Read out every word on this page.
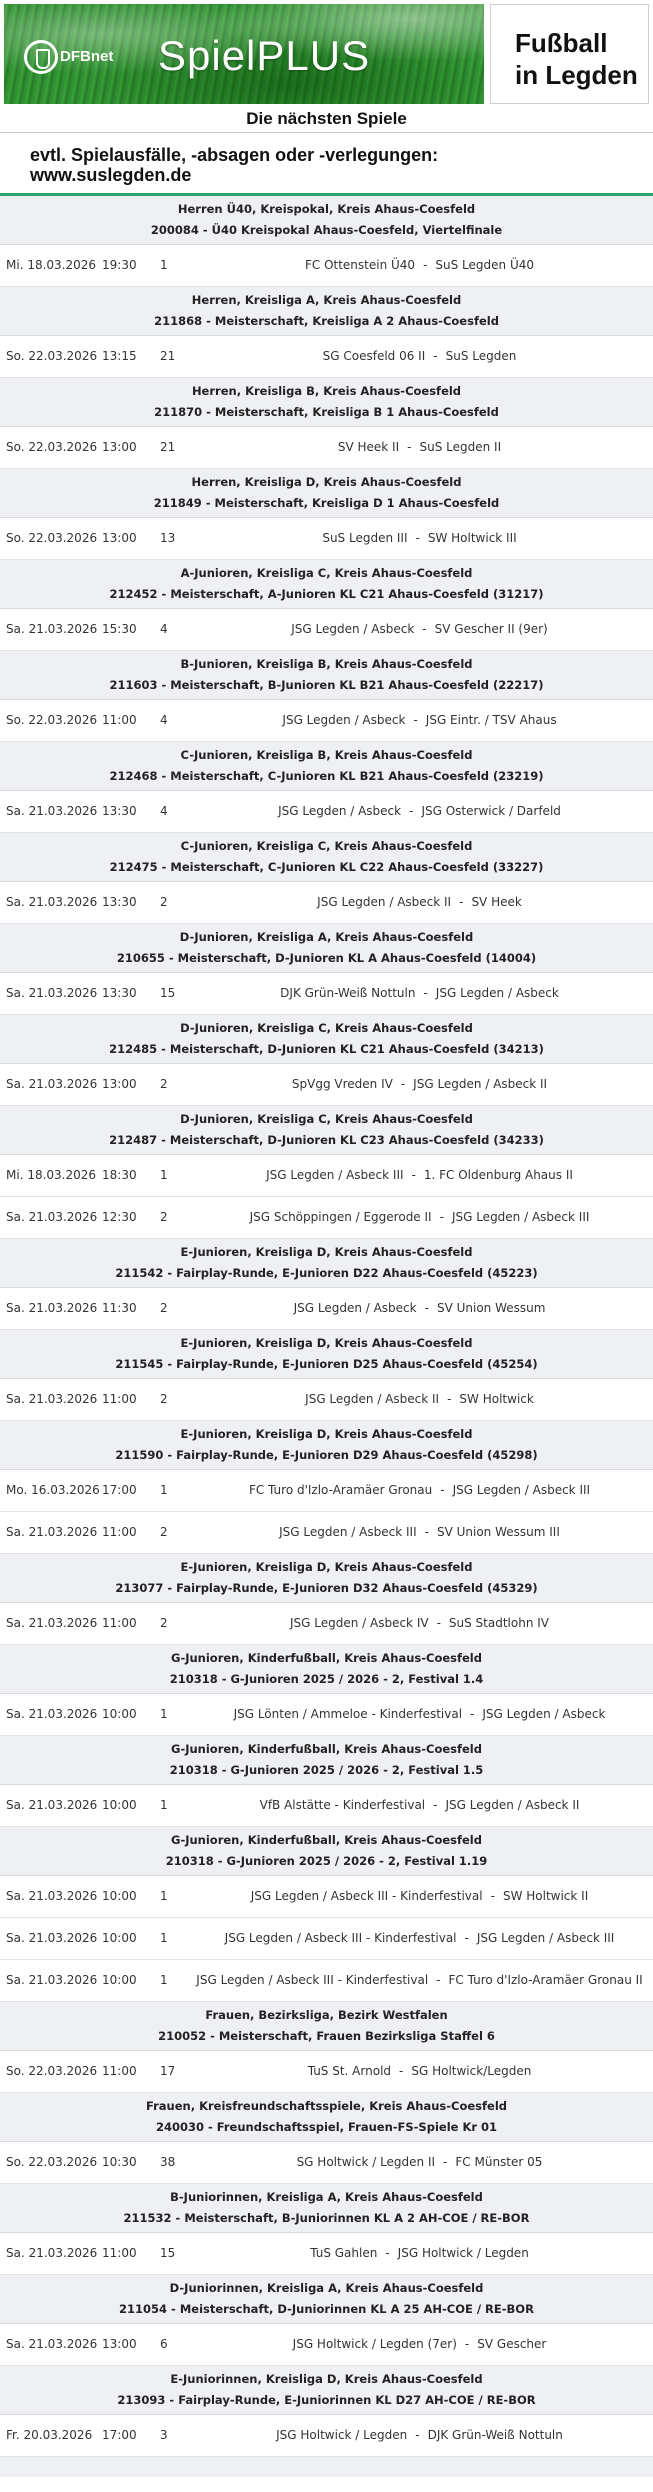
DFBnet SpielPLUS	Fußball
in Legden
Die nächsten Spiele
evtl. Spielausfälle, -absagen oder -verlegungen:
www.suslegden.de
Herren Ü40, Kreispokal, Kreis Ahaus-Coesfeld
200084 - Ü40 Kreispokal Ahaus-Coesfeld, Viertelfinale
Mi. 18.03.2026 19:30 1	FC Ottenstein Ü40 - SuS Legden Ü40
Herren, Kreisliga A, Kreis Ahaus-Coesfeld
211868 - Meisterschaft, Kreisliga A 2 Ahaus-Coesfeld
So. 22.03.2026 13:15 21	SG Coesfeld 06 II - SuS Legden
Herren, Kreisliga B, Kreis Ahaus-Coesfeld
211870 - Meisterschaft, Kreisliga B 1 Ahaus-Coesfeld
So. 22.03.2026 13:00 21	SV Heek II - SuS Legden II
Herren, Kreisliga D, Kreis Ahaus-Coesfeld
211849 - Meisterschaft, Kreisliga D 1 Ahaus-Coesfeld
So. 22.03.2026 13:00 13	SuS Legden III - SW Holtwick III
A-Junioren, Kreisliga C, Kreis Ahaus-Coesfeld
212452 - Meisterschaft, A-Junioren KL C21 Ahaus-Coesfeld (31217)
Sa. 21.03.2026 15:30 4	JSG Legden / Asbeck - SV Gescher II (9er)
B-Junioren, Kreisliga B, Kreis Ahaus-Coesfeld
211603 - Meisterschaft, B-Junioren KL B21 Ahaus-Coesfeld (22217)
So. 22.03.2026 11:00 4	JSG Legden / Asbeck - JSG Eintr. / TSV Ahaus
C-Junioren, Kreisliga B, Kreis Ahaus-Coesfeld
212468 - Meisterschaft, C-Junioren KL B21 Ahaus-Coesfeld (23219)
Sa. 21.03.2026 13:30 4	JSG Legden / Asbeck - JSG Osterwick / Darfeld
C-Junioren, Kreisliga C, Kreis Ahaus-Coesfeld
212475 - Meisterschaft, C-Junioren KL C22 Ahaus-Coesfeld (33227)
Sa. 21.03.2026 13:30 2	JSG Legden / Asbeck II - SV Heek
D-Junioren, Kreisliga A, Kreis Ahaus-Coesfeld
210655 - Meisterschaft, D-Junioren KL A Ahaus-Coesfeld (14004)
Sa. 21.03.2026 13:30 15	DJK Grün-Weiß Nottuln - JSG Legden / Asbeck
D-Junioren, Kreisliga C, Kreis Ahaus-Coesfeld
212485 - Meisterschaft, D-Junioren KL C21 Ahaus-Coesfeld (34213)
Sa. 21.03.2026 13:00 2	SpVgg Vreden IV - JSG Legden / Asbeck II
D-Junioren, Kreisliga C, Kreis Ahaus-Coesfeld
212487 - Meisterschaft, D-Junioren KL C23 Ahaus-Coesfeld (34233)
Mi. 18.03.2026 18:30 1	JSG Legden / Asbeck III - 1. FC Oldenburg Ahaus II
Sa. 21.03.2026 12:30 2	JSG Schöppingen / Eggerode II - JSG Legden / Asbeck III
E-Junioren, Kreisliga D, Kreis Ahaus-Coesfeld
211542 - Fairplay-Runde, E-Junioren D22 Ahaus-Coesfeld (45223)
Sa. 21.03.2026 11:30 2	JSG Legden / Asbeck - SV Union Wessum
E-Junioren, Kreisliga D, Kreis Ahaus-Coesfeld
211545 - Fairplay-Runde, E-Junioren D25 Ahaus-Coesfeld (45254)
Sa. 21.03.2026 11:00 2	JSG Legden / Asbeck II - SW Holtwick
E-Junioren, Kreisliga D, Kreis Ahaus-Coesfeld
211590 - Fairplay-Runde, E-Junioren D29 Ahaus-Coesfeld (45298)
Mo. 16.03.2026 17:00 1	FC Turo d'Izlo-Aramäer Gronau - JSG Legden / Asbeck III
Sa. 21.03.2026 11:00 2	JSG Legden / Asbeck III - SV Union Wessum III
E-Junioren, Kreisliga D, Kreis Ahaus-Coesfeld
213077 - Fairplay-Runde, E-Junioren D32 Ahaus-Coesfeld (45329)
Sa. 21.03.2026 11:00 2	JSG Legden / Asbeck IV - SuS Stadtlohn IV
G-Junioren, Kinderfußball, Kreis Ahaus-Coesfeld
210318 - G-Junioren 2025 / 2026 - 2, Festival 1.4
Sa. 21.03.2026 10:00 1	JSG Lönten / Ammeloe - Kinderfestival - JSG Legden / Asbeck
G-Junioren, Kinderfußball, Kreis Ahaus-Coesfeld
210318 - G-Junioren 2025 / 2026 - 2, Festival 1.5
Sa. 21.03.2026 10:00 1	VfB Alstätte - Kinderfestival - JSG Legden / Asbeck II
G-Junioren, Kinderfußball, Kreis Ahaus-Coesfeld
210318 - G-Junioren 2025 / 2026 - 2, Festival 1.19
Sa. 21.03.2026 10:00 1	JSG Legden / Asbeck III - Kinderfestival - SW Holtwick II
Sa. 21.03.2026 10:00 1	JSG Legden / Asbeck III - Kinderfestival - JSG Legden / Asbeck III
Sa. 21.03.2026 10:00 1	JSG Legden / Asbeck III - Kinderfestival - FC Turo d'Izlo-Aramäer Gronau II
Frauen, Bezirksliga, Bezirk Westfalen
210052 - Meisterschaft, Frauen Bezirksliga Staffel 6
So. 22.03.2026 11:00 17	TuS St. Arnold - SG Holtwick/Legden
Frauen, Kreisfreundschaftsspiele, Kreis Ahaus-Coesfeld
240030 - Freundschaftsspiel, Frauen-FS-Spiele Kr 01
So. 22.03.2026 10:30 38	SG Holtwick / Legden II - FC Münster 05
B-Juniorinnen, Kreisliga A, Kreis Ahaus-Coesfeld
211532 - Meisterschaft, B-Juniorinnen KL A 2 AH-COE / RE-BOR
Sa. 21.03.2026 11:00 15	TuS Gahlen - JSG Holtwick / Legden
D-Juniorinnen, Kreisliga A, Kreis Ahaus-Coesfeld
211054 - Meisterschaft, D-Juniorinnen KL A 25 AH-COE / RE-BOR
Sa. 21.03.2026 13:00 6	JSG Holtwick / Legden (7er) - SV Gescher
E-Juniorinnen, Kreisliga D, Kreis Ahaus-Coesfeld
213093 - Fairplay-Runde, E-Juniorinnen KL D27 AH-COE / RE-BOR
Fr. 20.03.2026 17:00 3	JSG Holtwick / Legden - DJK Grün-Weiß Nottuln
